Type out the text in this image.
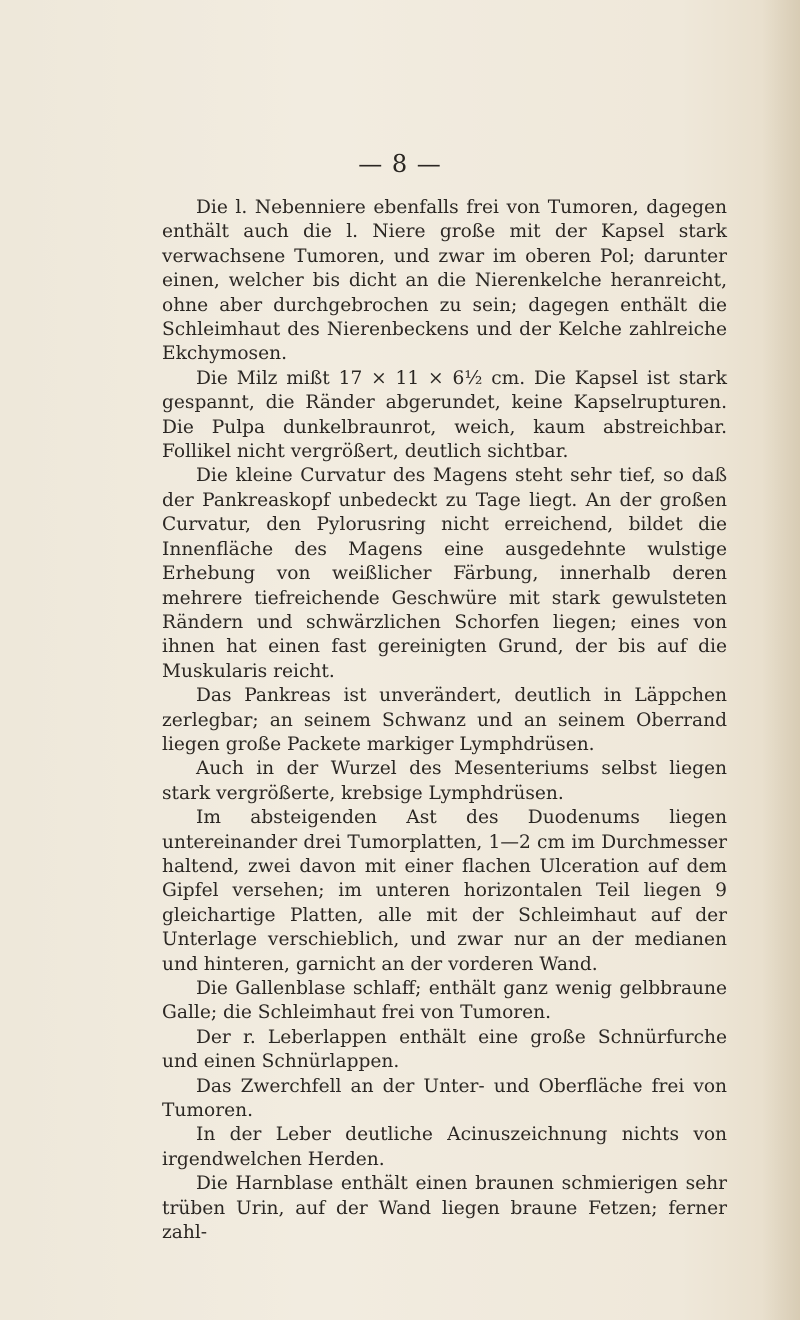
— 8 —

Die l. Nebenniere ebenfalls frei von Tumoren, dagegen enthält auch die l. Niere große mit der Kapsel stark verwachsene Tumoren, und zwar im oberen Pol; darunter einen, welcher bis dicht an die Nierenkelche heranreicht, ohne aber durchgebrochen zu sein; dagegen enthält die Schleimhaut des Nierenbeckens und der Kelche zahlreiche Ekchymosen.

Die Milz mißt 17 × 11 × 6½ cm. Die Kapsel ist stark gespannt, die Ränder abgerundet, keine Kapselrupturen. Die Pulpa dunkelbraunrot, weich, kaum abstreichbar. Follikel nicht vergrößert, deutlich sichtbar.

Die kleine Curvatur des Magens steht sehr tief, so daß der Pankreaskopf unbedeckt zu Tage liegt. An der großen Curvatur, den Pylorusring nicht erreichend, bildet die Innenfläche des Magens eine ausgedehnte wulstige Erhebung von weißlicher Färbung, innerhalb deren mehrere tiefreichende Geschwüre mit stark gewulsteten Rändern und schwärzlichen Schorfen liegen; eines von ihnen hat einen fast gereinigten Grund, der bis auf die Muskularis reicht.

Das Pankreas ist unverändert, deutlich in Läppchen zerlegbar; an seinem Schwanz und an seinem Oberrand liegen große Packete markiger Lymphdrüsen.

Auch in der Wurzel des Mesenteriums selbst liegen stark vergrößerte, krebsige Lymphdrüsen.

Im absteigenden Ast des Duodenums liegen untereinander drei Tumorplatten, 1—2 cm im Durchmesser haltend, zwei davon mit einer flachen Ulceration auf dem Gipfel versehen; im unteren horizontalen Teil liegen 9 gleichartige Platten, alle mit der Schleimhaut auf der Unterlage verschieblich, und zwar nur an der medianen und hinteren, garnicht an der vorderen Wand.

Die Gallenblase schlaff; enthält ganz wenig gelbbraune Galle; die Schleimhaut frei von Tumoren.

Der r. Leberlappen enthält eine große Schnürfurche und einen Schnürlappen.

Das Zwerchfell an der Unter- und Oberfläche frei von Tumoren.

In der Leber deutliche Acinuszeichnung nichts von irgendwelchen Herden.

Die Harnblase enthält einen braunen schmierigen sehr trüben Urin, auf der Wand liegen braune Fetzen; ferner zahl-
